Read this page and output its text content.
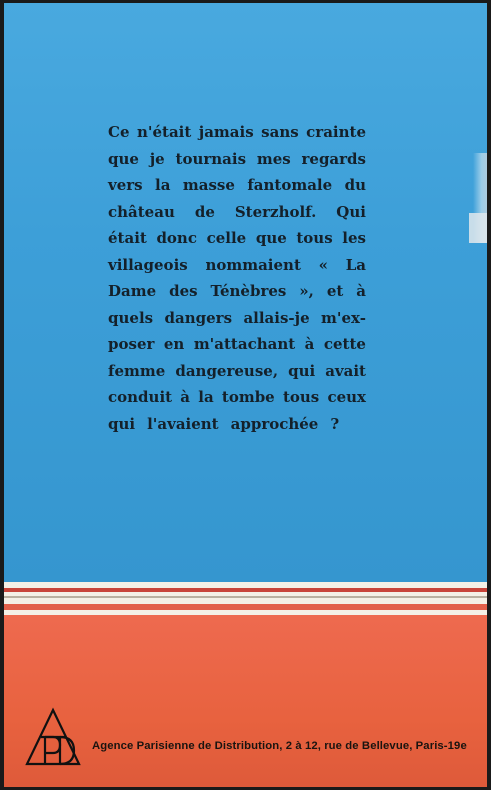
Ce n'était jamais sans crainte
que je tournais mes regards
vers la masse fantomale du
château de Sterzholf. Qui
était donc celle que tous les
villageois nommaient « La
Dame des Ténèbres », et à
quels dangers allais-je m'ex-
poser en m'attachant à cette
femme dangereuse, qui avait
conduit à la tombe tous ceux
qui l'avaient approchée ?
Agence Parisienne de Distribution, 2 à 12, rue de Bellevue, Paris-19e
